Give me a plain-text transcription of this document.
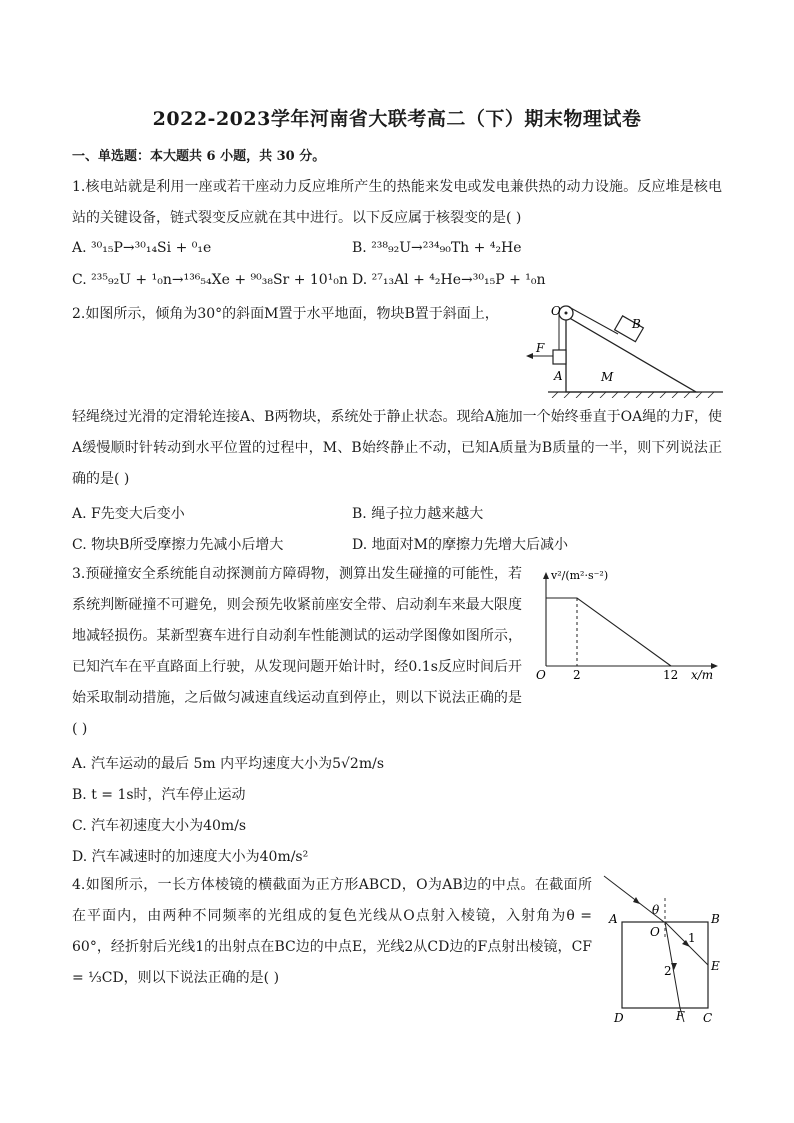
2022-2023学年河南省大联考高二（下）期末物理试卷
一、单选题：本大题共 6 小题，共 30 分。
1.核电站就是利用一座或若干座动力反应堆所产生的热能来发电或发电兼供热的动力设施。反应堆是核电站的关键设备，链式裂变反应就在其中进行。以下反应属于核裂变的是( )
A. ³⁰₁₅P→³⁰₁₄Si + ⁰₁e	B. ²³⁸₉₂U→²³⁴₉₀Th + ⁴₂He
C. ²³⁵₉₂U + ¹₀n→¹³⁶₅₄Xe + ⁹⁰₃₈Sr + 10¹₀n D. ²⁷₁₃Al + ⁴₂He→³⁰₁₅P + ¹₀n
2.如图所示，倾角为30°的斜面M置于水平地面，物块B置于斜面上，
F
A	M
O
B
轻绳绕过光滑的定滑轮连接A、B两物块，系统处于静止状态。现给A施加一个始终垂直于OA绳的力F，使A缓慢顺时针转动到水平位置的过程中，M、B始终静止不动，已知A质量为B质量的一半，则下列说法正确的是( )
A. F先变大后变小	B. 绳子拉力越来越大
C. 物块B所受摩擦力先减小后增大	D. 地面对M的摩擦力先增大后减小
3.预碰撞安全系统能自动探测前方障碍物，测算出发生碰撞的可能性，若系统判断碰撞不可避免，则会预先收紧前座安全带、启动刹车来最大限度地减轻损伤。某新型赛车进行自动刹车性能测试的运动学图像如图所示，已知汽车在平直路面上行驶，从发现问题开始计时，经0.1s反应时间后开始采取制动措施，之后做匀减速直线运动直到停止，则以下说法正确的是( )
v²/(m²·s⁻²)
O 2	12 x/m
A. 汽车运动的最后 5m 内平均速度大小为5√2m/s
B. t = 1s时，汽车停止运动
C. 汽车初速度大小为40m/s
D. 汽车减速时的加速度大小为40m/s²
4.如图所示，一长方体棱镜的横截面为正方形ABCD，O为AB边的中点。在截面所在平面内，由两种不同频率的光组成的复色光线从O点射入棱镜，入射角为θ = 60°，经折射后光线1的出射点在BC边的中点E，光线2从CD边的F点射出棱镜，CF = ⅓CD，则以下说法正确的是( )
θ
A	B
O 1
2	E
D	F C
